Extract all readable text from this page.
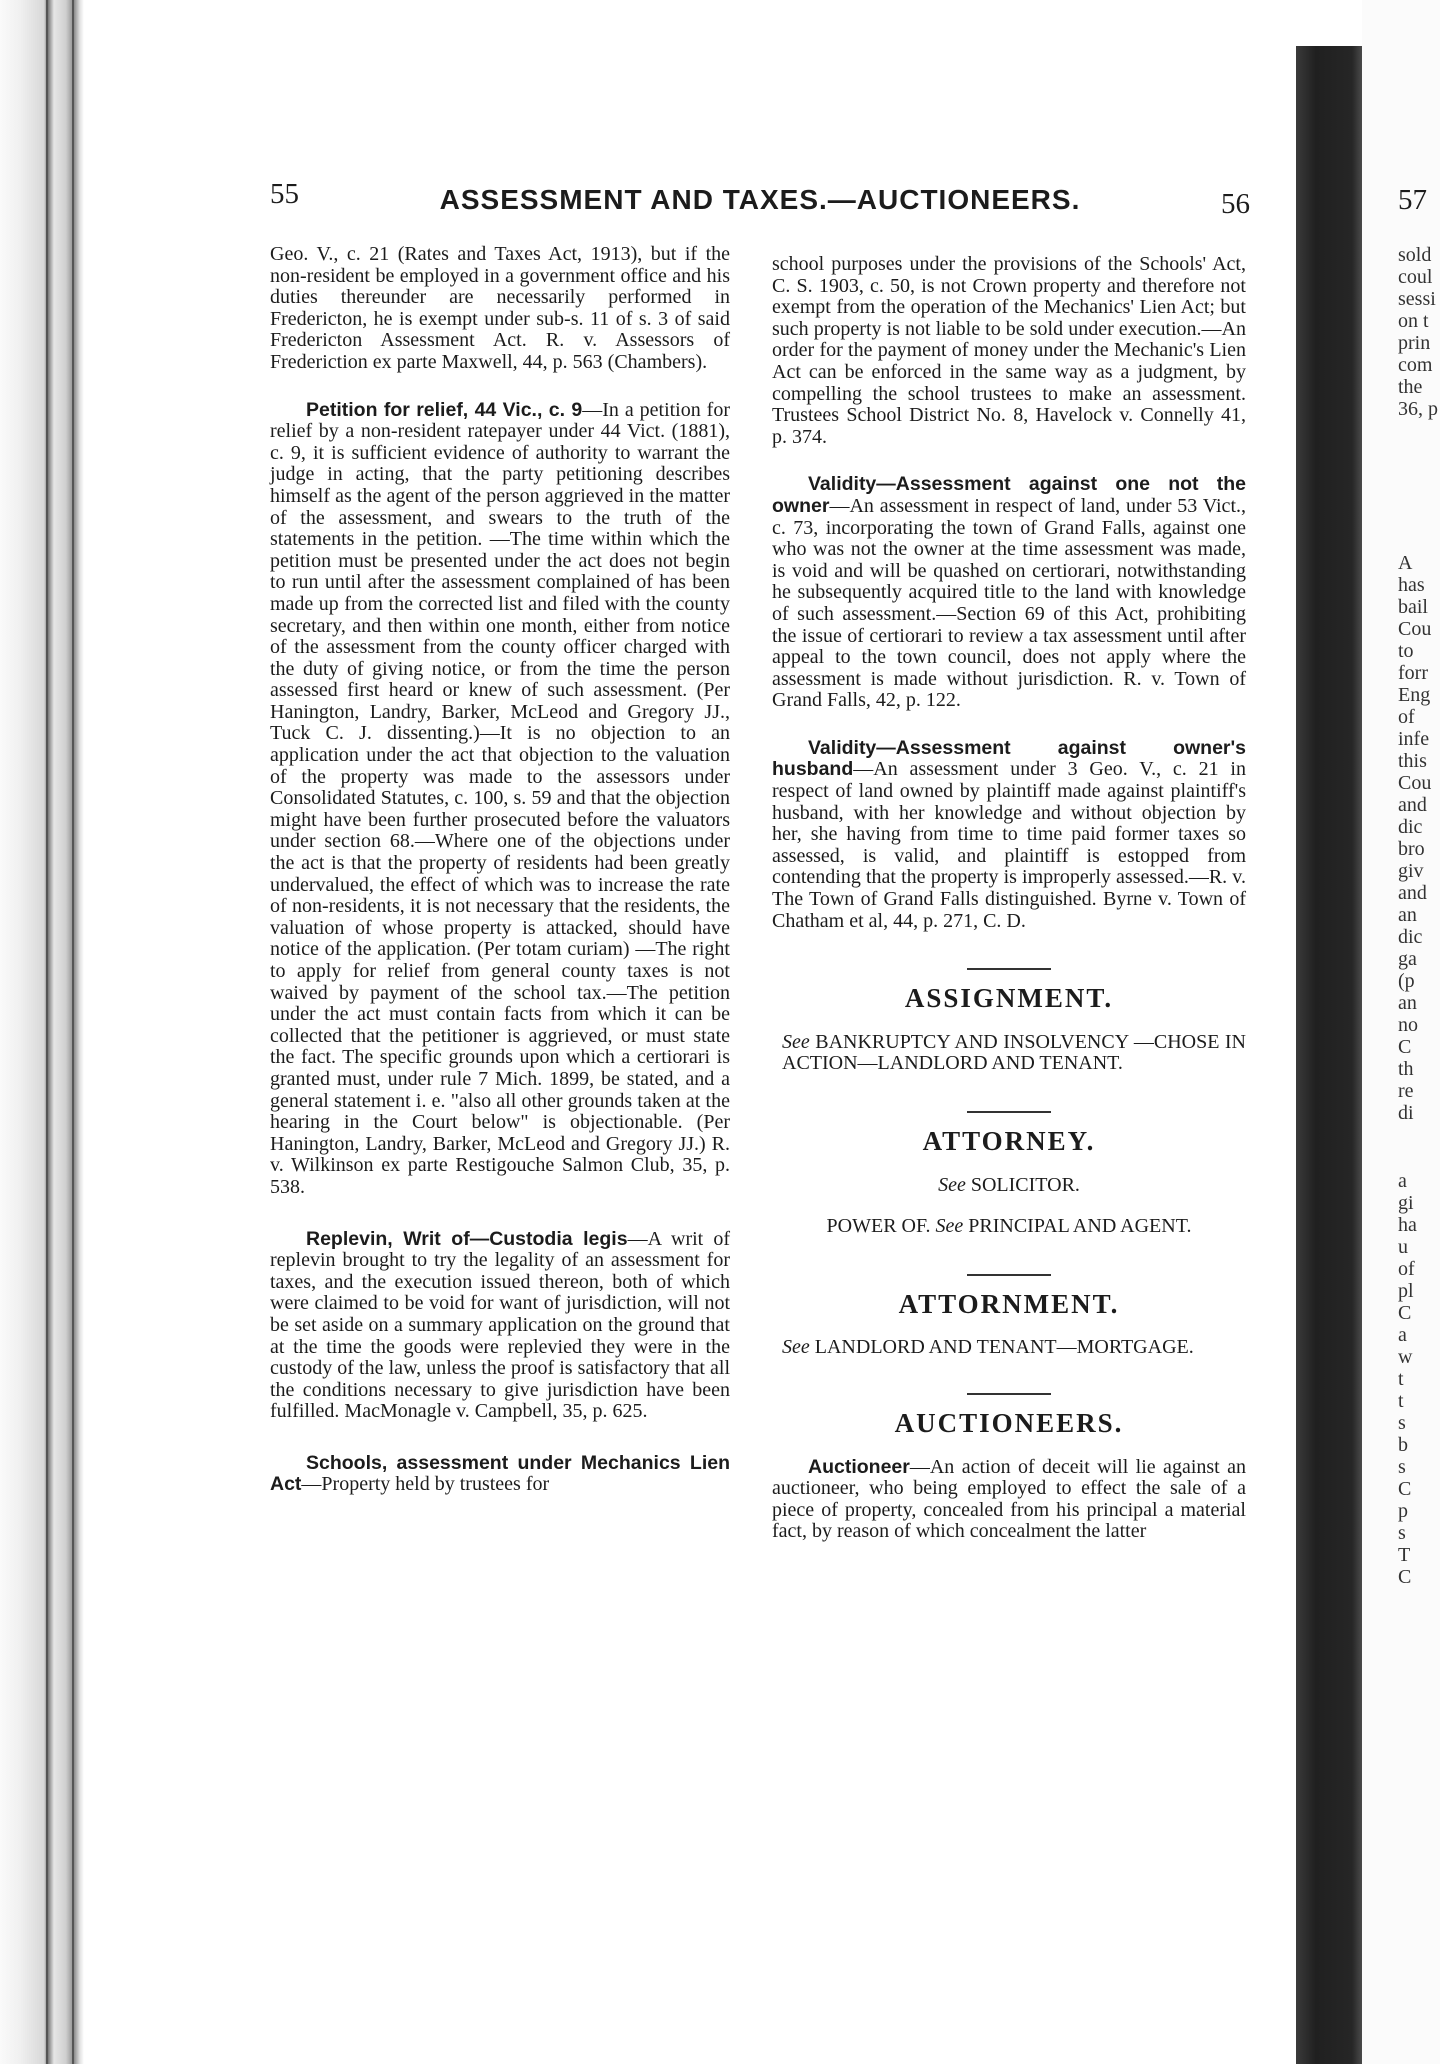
57
sold
coul
sessi
on t
prin
com
the
36, p
A
has
bail
Cou
to
forr
Eng
of
infe
this
Cou
and
dic
bro
giv
and
an
dic
ga
(p
an
no
C
th
re
di
a
gi
ha
u
of
pl
C
a
w
t
t
s
b
s
C
p
s
T
C
55	ASSESSMENT AND TAXES.—AUCTIONEERS.	56

Geo. V., c. 21 (Rates and Taxes Act, 1913), but if the non-resident be employed in a government office and his duties thereunder are necessarily performed in Fredericton, he is exempt under sub-s. 11 of s. 3 of said Fredericton Assessment Act. R. v. Assessors of Frederiction ex parte Maxwell, 44, p. 563 (Chambers).

Petition for relief, 44 Vic., c. 9—In a petition for relief by a non-resident ratepayer under 44 Vict. (1881), c. 9, it is sufficient evidence of authority to warrant the judge in acting, that the party petitioning describes himself as the agent of the person aggrieved in the matter of the assessment, and swears to the truth of the statements in the petition. —The time within which the petition must be presented under the act does not begin to run until after the assessment complained of has been made up from the corrected list and filed with the county secretary, and then within one month, either from notice of the assessment from the county officer charged with the duty of giving notice, or from the time the person assessed first heard or knew of such assessment. (Per Hanington, Landry, Barker, McLeod and Gregory JJ., Tuck C. J. dissenting.)—It is no objection to an application under the act that objection to the valuation of the property was made to the assessors under Consolidated Statutes, c. 100, s. 59 and that the objection might have been further prosecuted before the valuators under section 68.—Where one of the objections under the act is that the property of residents had been greatly undervalued, the effect of which was to increase the rate of non-residents, it is not necessary that the residents, the valuation of whose property is attacked, should have notice of the application. (Per totam curiam) —The right to apply for relief from general county taxes is not waived by payment of the school tax.—The petition under the act must contain facts from which it can be collected that the petitioner is aggrieved, or must state the fact. The specific grounds upon which a certiorari is granted must, under rule 7 Mich. 1899, be stated, and a general statement i. e. "also all other grounds taken at the hearing in the Court below" is objectionable. (Per Hanington, Landry, Barker, McLeod and Gregory JJ.) R. v. Wilkinson ex parte Restigouche Salmon Club, 35, p. 538.

Replevin, Writ of—Custodia legis—A writ of replevin brought to try the legality of an assessment for taxes, and the execution issued thereon, both of which were claimed to be void for want of jurisdiction, will not be set aside on a summary application on the ground that at the time the goods were replevied they were in the custody of the law, unless the proof is satisfactory that all the conditions necessary to give jurisdiction have been fulfilled. MacMonagle v. Campbell, 35, p. 625.

Schools, assessment under Mechanics Lien Act—Property held by trustees for

school purposes under the provisions of the Schools' Act, C. S. 1903, c. 50, is not Crown property and therefore not exempt from the operation of the Mechanics' Lien Act; but such property is not liable to be sold under execution.—An order for the payment of money under the Mechanic's Lien Act can be enforced in the same way as a judgment, by compelling the school trustees to make an assessment. Trustees School District No. 8, Havelock v. Connelly 41, p. 374.

Validity—Assessment against one not the owner—An assessment in respect of land, under 53 Vict., c. 73, incorporating the town of Grand Falls, against one who was not the owner at the time assessment was made, is void and will be quashed on certiorari, notwithstanding he subsequently acquired title to the land with knowledge of such assessment.—Section 69 of this Act, prohibiting the issue of certiorari to review a tax assessment until after appeal to the town council, does not apply where the assessment is made without jurisdiction. R. v. Town of Grand Falls, 42, p. 122.

Validity—Assessment against owner's husband—An assessment under 3 Geo. V., c. 21 in respect of land owned by plaintiff made against plaintiff's husband, with her knowledge and without objection by her, she having from time to time paid former taxes so assessed, is valid, and plaintiff is estopped from contending that the property is improperly assessed.—R. v. The Town of Grand Falls distinguished. Byrne v. Town of Chatham et al, 44, p. 271, C. D.

ASSIGNMENT.

See BANKRUPTCY AND INSOLVENCY —CHOSE IN ACTION—LANDLORD AND TENANT.

ATTORNEY.

See SOLICITOR.

POWER OF. See PRINCIPAL AND AGENT.

ATTORNMENT.

See LANDLORD AND TENANT—MORTGAGE.

AUCTIONEERS.

Auctioneer—An action of deceit will lie against an auctioneer, who being employed to effect the sale of a piece of property, concealed from his principal a material fact, by reason of which concealment the latter
